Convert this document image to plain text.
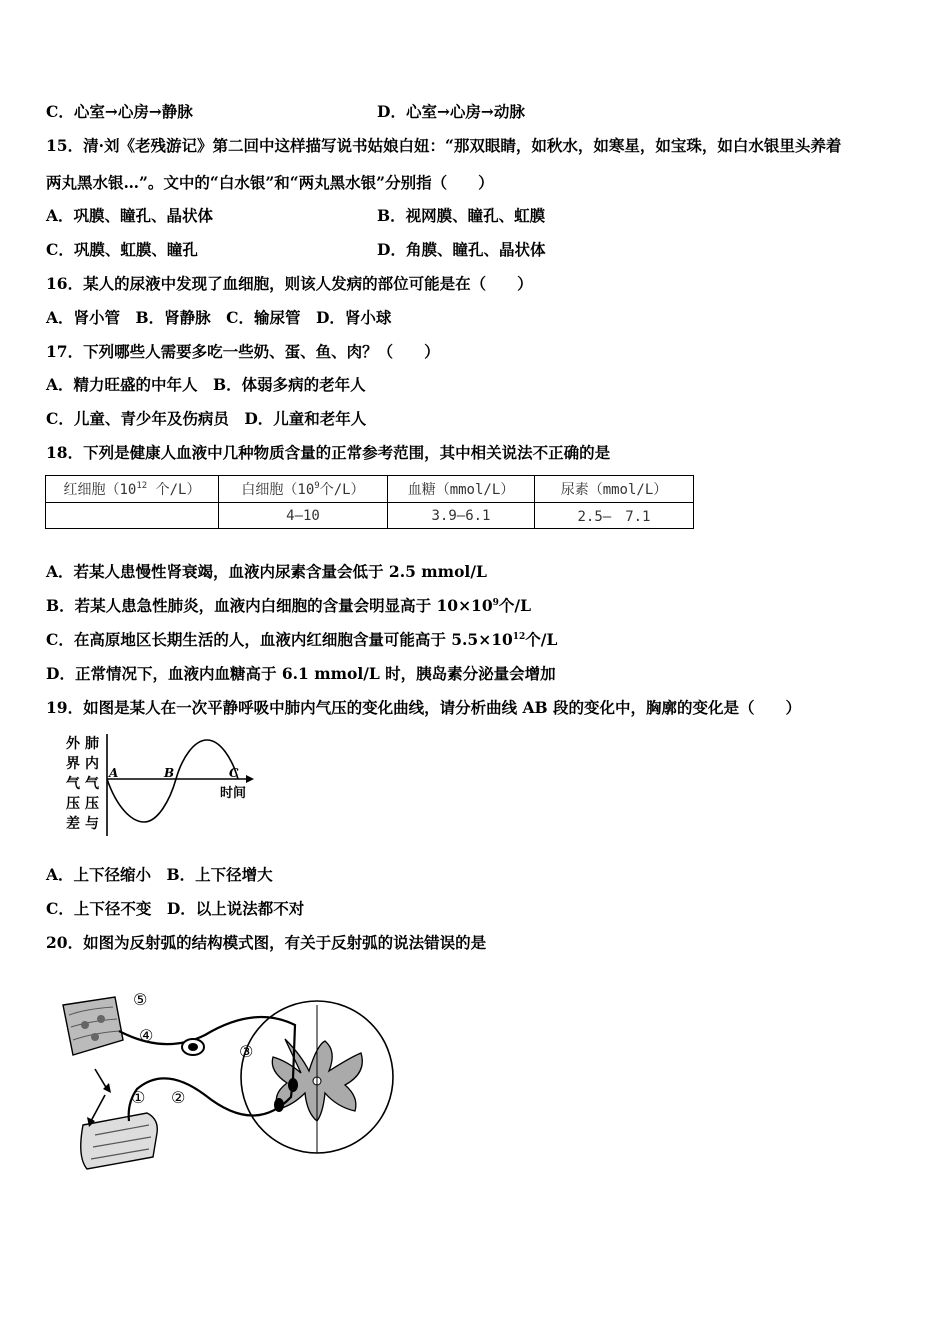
C．心室→心房→静脉	D．心室→心房→动脉
15．清·刘《老残游记》第二回中这样描写说书姑娘白妞：“那双眼睛，如秋水，如寒星，如宝珠，如白水银里头养着
两丸黑水银…”。文中的“白水银”和“两丸黑水银”分别指（　　）
A．巩膜、瞳孔、晶状体	B．视网膜、瞳孔、虹膜
C．巩膜、虹膜、瞳孔	D．角膜、瞳孔、晶状体
16．某人的尿液中发现了血细胞，则该人发病的部位可能是在（　　）
A．肾小管　B．肾静脉　C．输尿管　D．肾小球
17．下列哪些人需要多吃一些奶、蛋、鱼、肉？（　　）
A．精力旺盛的中年人　B．体弱多病的老年人
C．儿童、青少年及伤病员　D．儿童和老年人
18．下列是健康人血液中几种物质含量的正常参考范围，其中相关说法不正确的是
红细胞（$10^{12}$ 个/L）	白细胞（$10^9$个/L）	血糖（mmol/L）	尿素（mmol/L）
	4—10	3.9—6.1	2.5—　7.1
A．若某人患慢性肾衰竭，血液内尿素含量会低于 2.5 mmol/L
B．若某人患急性肺炎，血液内白细胞的含量会明显高于 $10\times 10^9$个/L
C．在高原地区长期生活的人，血液内红细胞含量可能高于 $5.5\times 10^{12}$个/L
D．正常情况下，血液内血糖高于 6.1 mmol/L 时，胰岛素分泌量会增加
19．如图是某人在一次平静呼吸中肺内气压的变化曲线，请分析曲线 AB 段的变化中，胸廓的变化是（　　）
外
界
气
压
差
肺
内
气
压
与
A	B	C
时间
A．上下径缩小　B．上下径增大
C．上下径不变　D．以上说法都不对
20．如图为反射弧的结构模式图，有关于反射弧的说法错误的是
① ②
③
④
⑤
